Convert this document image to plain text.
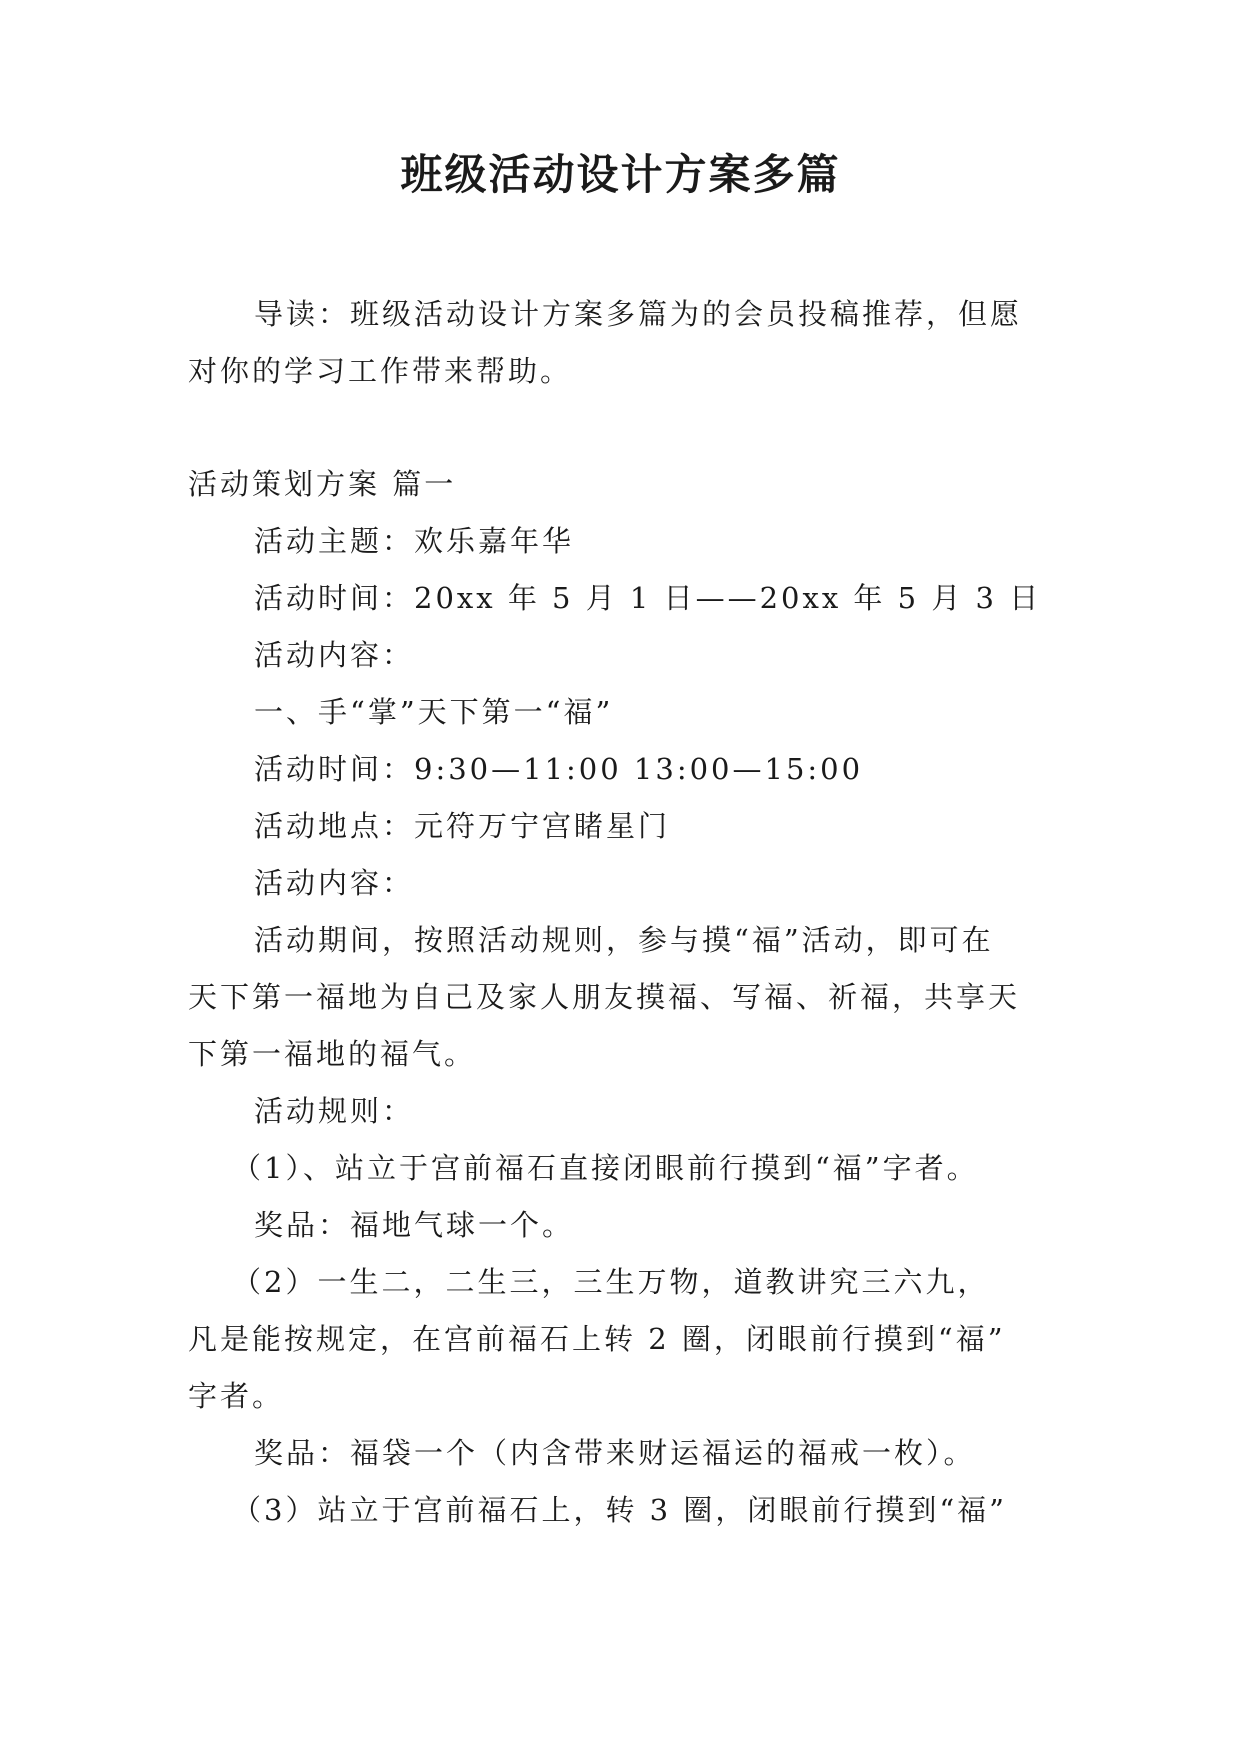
班级活动设计方案多篇

导读：班级活动设计方案多篇为的会员投稿推荐，但愿

对你的学习工作带来帮助。

活动策划方案 篇一

活动主题：欢乐嘉年华

活动时间：20xx 年 5 月 1 日——20xx 年 5 月 3 日

活动内容：

一、手“掌”天下第一“福”

活动时间：9:30—11:00 13:00—15:00

活动地点：元符万宁宫睹星门

活动内容：

活动期间，按照活动规则，参与摸“福”活动，即可在

天下第一福地为自己及家人朋友摸福、写福、祈福，共享天

下第一福地的福气。

活动规则：

（1）、站立于宫前福石直接闭眼前行摸到“福”字者。

奖品：福地气球一个。

（2）一生二，二生三，三生万物，道教讲究三六九，

凡是能按规定，在宫前福石上转 2 圈，闭眼前行摸到“福”

字者。

奖品：福袋一个（内含带来财运福运的福戒一枚）。

（3）站立于宫前福石上，转 3 圈，闭眼前行摸到“福”
